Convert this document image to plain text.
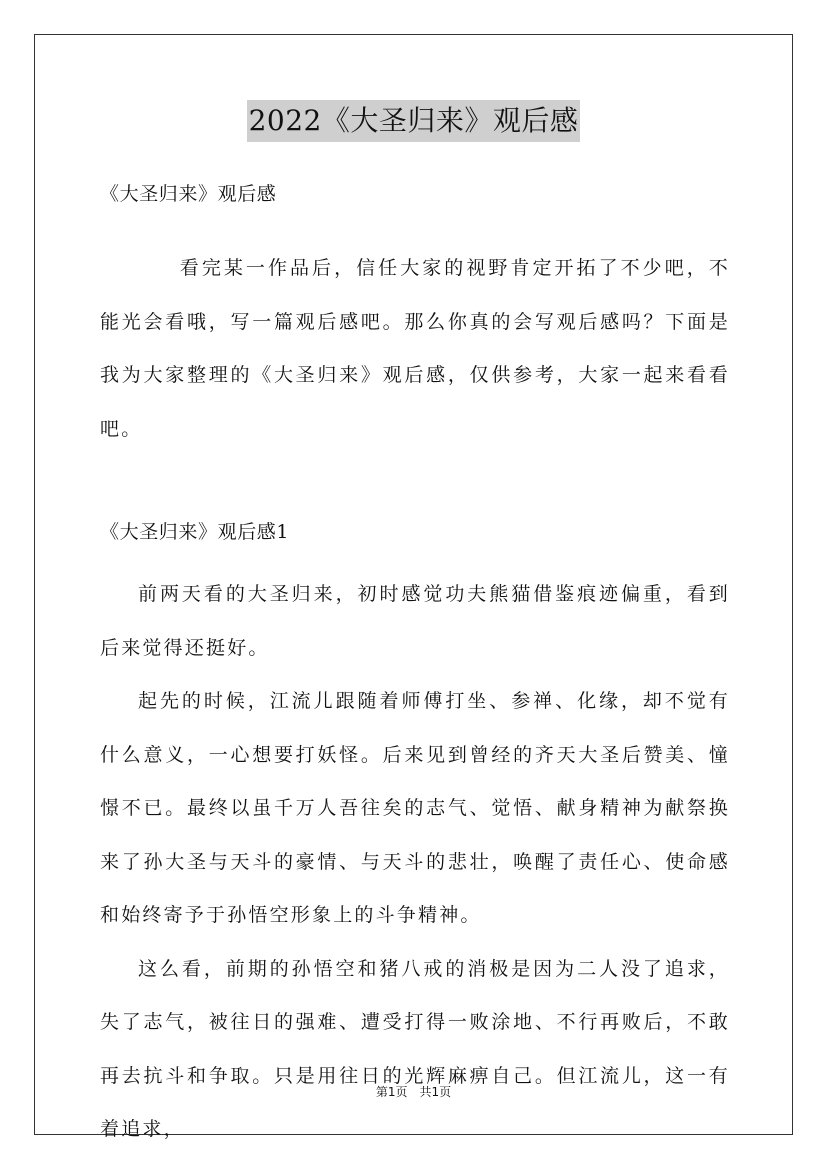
2022《大圣归来》观后感

《大圣归来》观后感

看完某一作品后，信任大家的视野肯定开拓了不少吧，不能光会看哦，写一篇观后感吧。那么你真的会写观后感吗？下面是我为大家整理的《大圣归来》观后感，仅供参考，大家一起来看看吧。

《大圣归来》观后感1

前两天看的大圣归来，初时感觉功夫熊猫借鉴痕迹偏重，看到后来觉得还挺好。

起先的时候，江流儿跟随着师傅打坐、参禅、化缘，却不觉有什么意义，一心想要打妖怪。后来见到曾经的齐天大圣后赞美、憧憬不已。最终以虽千万人吾往矣的志气、觉悟、献身精神为献祭换来了孙大圣与天斗的豪情、与天斗的悲壮，唤醒了责任心、使命感和始终寄予于孙悟空形象上的斗争精神。

这么看，前期的孙悟空和猪八戒的消极是因为二人没了追求，失了志气，被往日的强难、遭受打得一败涂地、不行再败后，不敢再去抗斗和争取。只是用往日的光辉麻痹自己。但江流儿，这一有着追求，

第1页　共1页
